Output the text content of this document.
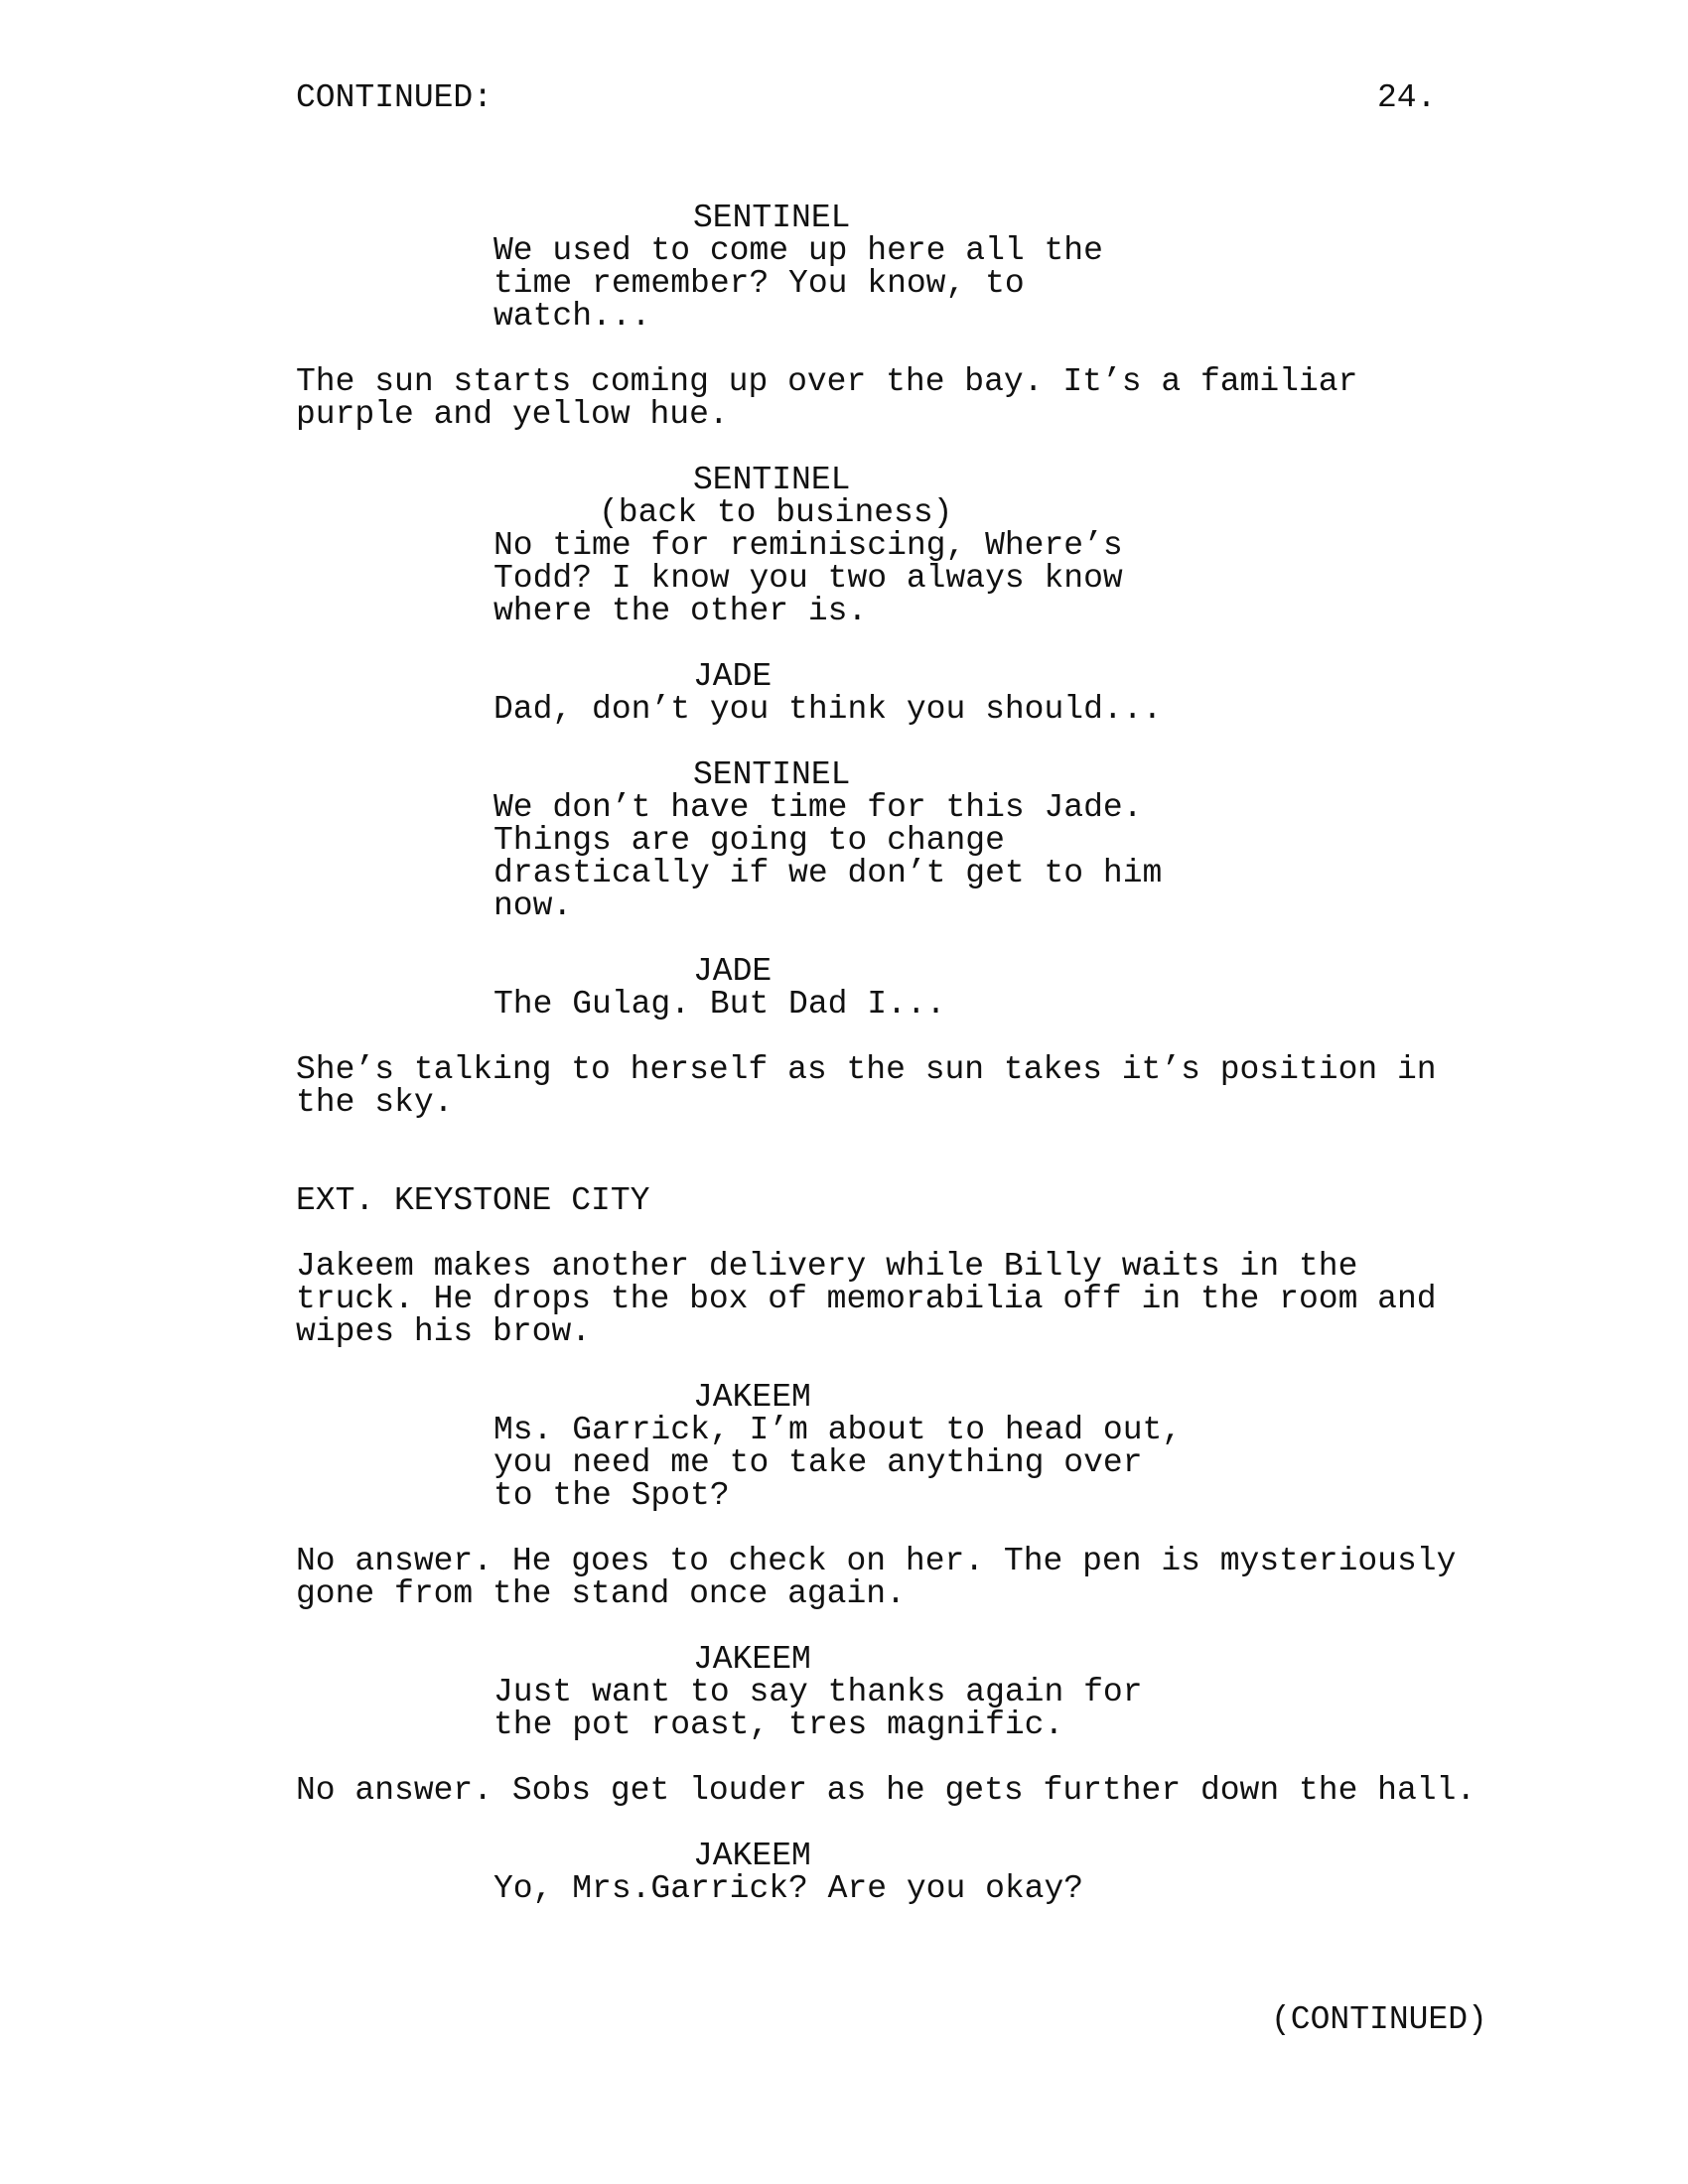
CONTINUED:	24.
SENTINEL
We used to come up here all the
time remember? You know, to
watch...
The sun starts coming up over the bay. It’s a familiar
purple and yellow hue.
SENTINEL
(back to business)
No time for reminiscing, Where’s
Todd? I know you two always know
where the other is.
JADE
Dad, don’t you think you should...
SENTINEL
We don’t have time for this Jade.
Things are going to change
drastically if we don’t get to him
now.
JADE
The Gulag. But Dad I...
She’s talking to herself as the sun takes it’s position in
the sky.
EXT. KEYSTONE CITY
Jakeem makes another delivery while Billy waits in the
truck. He drops the box of memorabilia off in the room and
wipes his brow.
JAKEEM
Ms. Garrick, I’m about to head out,
you need me to take anything over
to the Spot?
No answer. He goes to check on her. The pen is mysteriously
gone from the stand once again.
JAKEEM
Just want to say thanks again for
the pot roast, tres magnific.
No answer. Sobs get louder as he gets further down the hall.
JAKEEM
Yo, Mrs.Garrick? Are you okay?
(CONTINUED)
